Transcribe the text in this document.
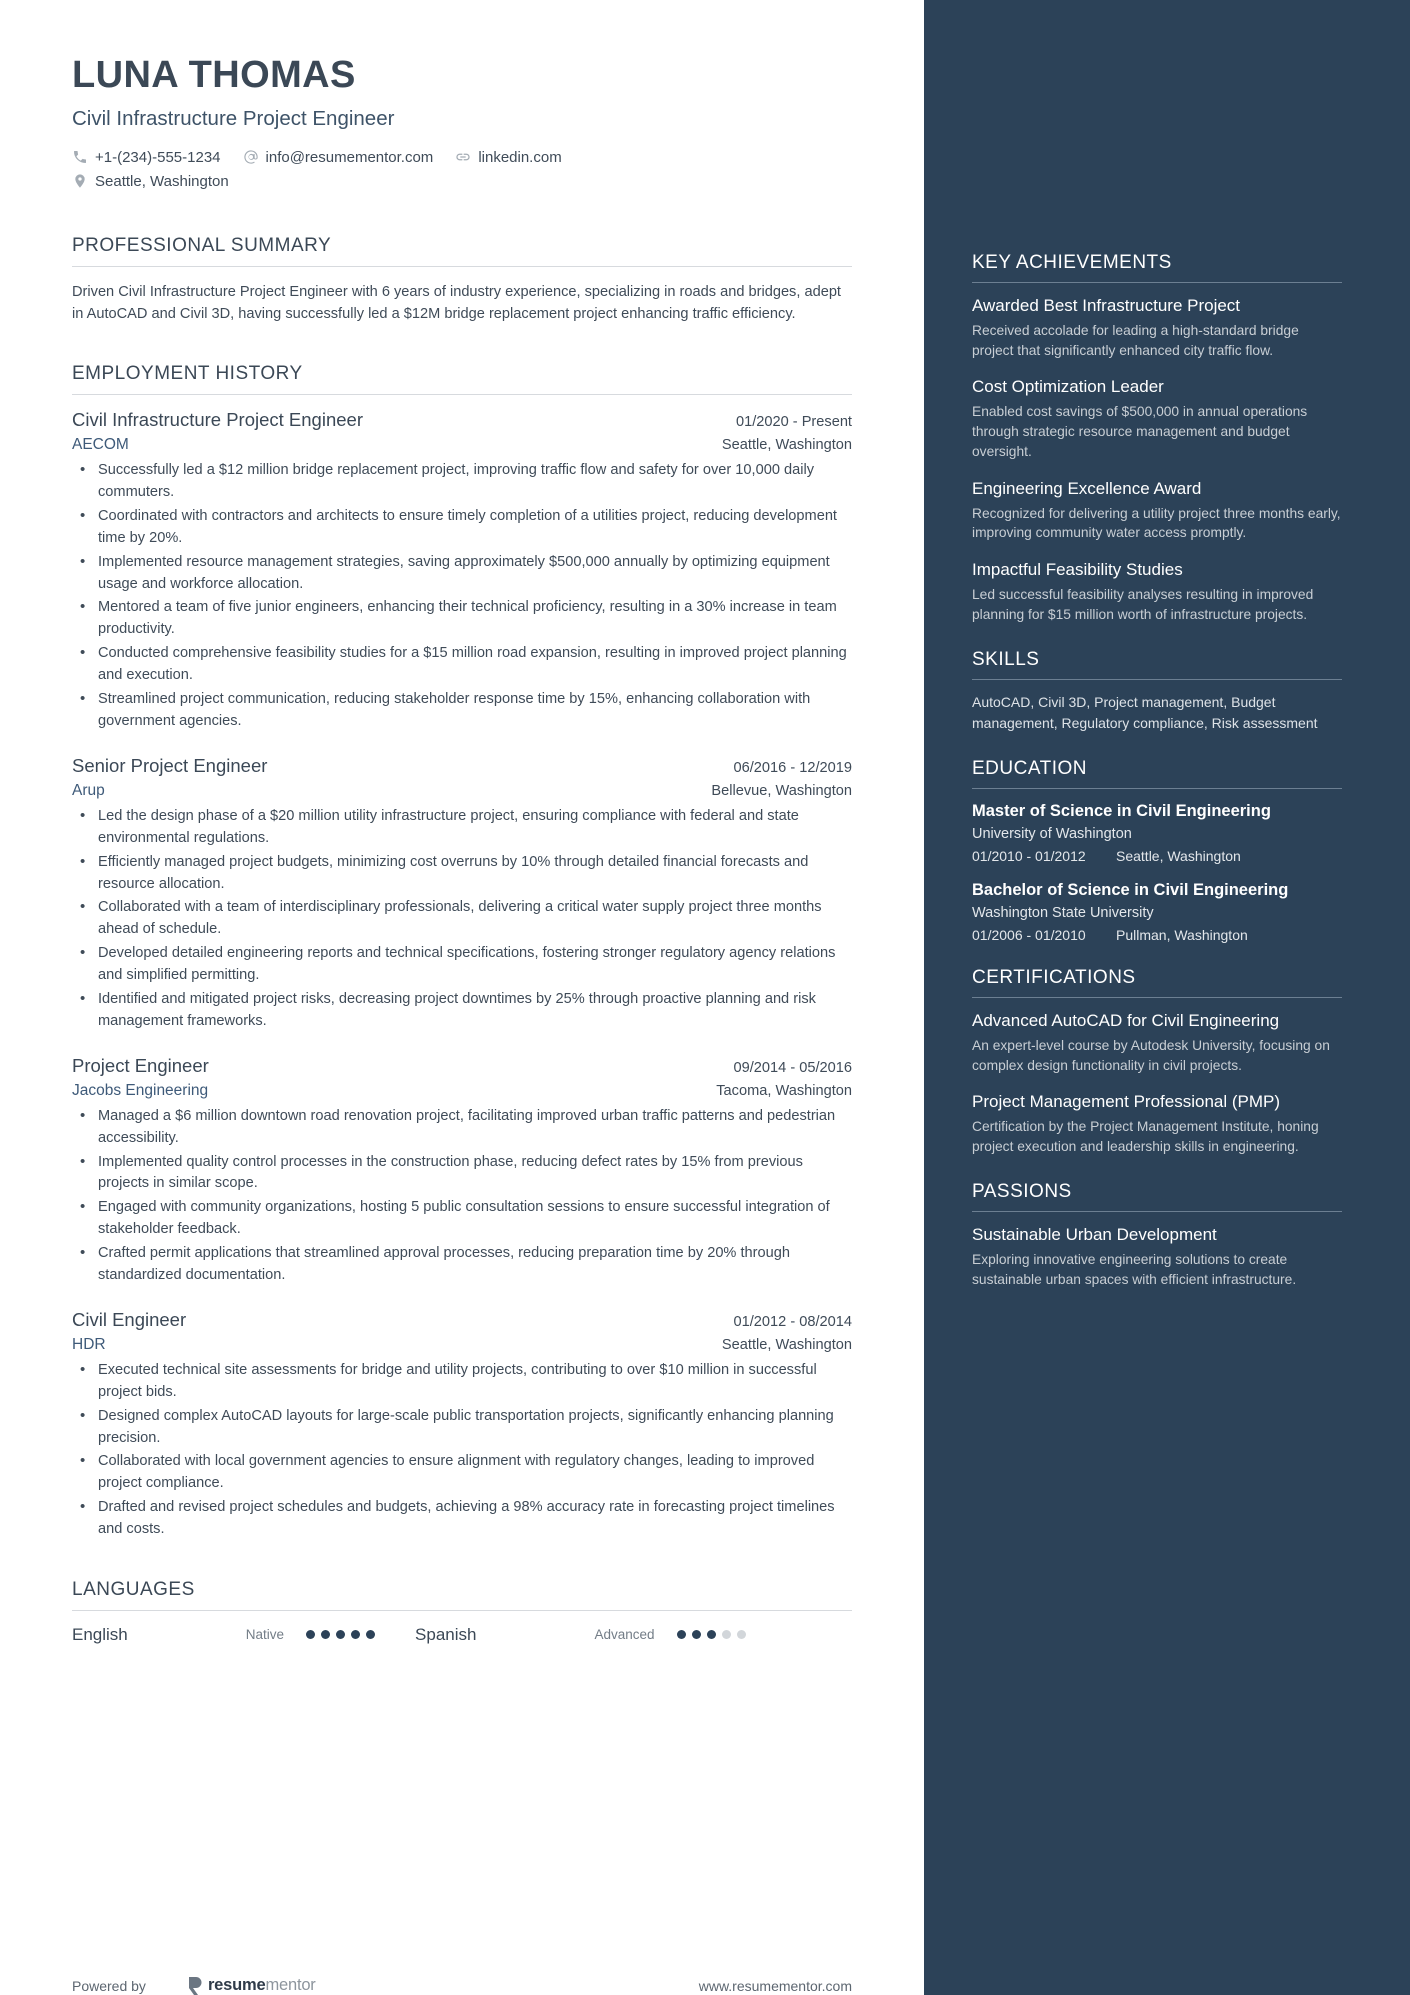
KEY ACHIEVEMENTS
Awarded Best Infrastructure Project
Received accolade for leading a high-standard bridge project that significantly enhanced city traffic flow.
Cost Optimization Leader
Enabled cost savings of $500,000 in annual operations through strategic resource management and budget oversight.
Engineering Excellence Award
Recognized for delivering a utility project three months early, improving community water access promptly.
Impactful Feasibility Studies
Led successful feasibility analyses resulting in improved planning for $15 million worth of infrastructure projects.
SKILLS
AutoCAD, Civil 3D, Project management, Budget management, Regulatory compliance, Risk assessment
EDUCATION
Master of Science in Civil Engineering
University of Washington
01/2010 - 01/2012	Seattle, Washington
Bachelor of Science in Civil Engineering
Washington State University
01/2006 - 01/2010	Pullman, Washington
CERTIFICATIONS
Advanced AutoCAD for Civil Engineering
An expert-level course by Autodesk University, focusing on complex design functionality in civil projects.
Project Management Professional (PMP)
Certification by the Project Management Institute, honing project execution and leadership skills in engineering.
PASSIONS
Sustainable Urban Development
Exploring innovative engineering solutions to create sustainable urban spaces with efficient infrastructure.
LUNA THOMAS
Civil Infrastructure Project Engineer
+1-(234)-555-1234	info@resumementor.com	linkedin.com
Seattle, Washington
PROFESSIONAL SUMMARY
Driven Civil Infrastructure Project Engineer with 6 years of industry experience, specializing in roads and bridges, adept in AutoCAD and Civil 3D, having successfully led a $12M bridge replacement project enhancing traffic efficiency.
EMPLOYMENT HISTORY
Civil Infrastructure Project Engineer	01/2020 - Present
AECOM	Seattle, Washington
• Successfully led a $12 million bridge replacement project, improving traffic flow and safety for over 10,000 daily commuters.
• Coordinated with contractors and architects to ensure timely completion of a utilities project, reducing development time by 20%.
• Implemented resource management strategies, saving approximately $500,000 annually by optimizing equipment usage and workforce allocation.
• Mentored a team of five junior engineers, enhancing their technical proficiency, resulting in a 30% increase in team productivity.
• Conducted comprehensive feasibility studies for a $15 million road expansion, resulting in improved project planning and execution.
• Streamlined project communication, reducing stakeholder response time by 15%, enhancing collaboration with government agencies.
Senior Project Engineer	06/2016 - 12/2019
Arup	Bellevue, Washington
• Led the design phase of a $20 million utility infrastructure project, ensuring compliance with federal and state environmental regulations.
• Efficiently managed project budgets, minimizing cost overruns by 10% through detailed financial forecasts and resource allocation.
• Collaborated with a team of interdisciplinary professionals, delivering a critical water supply project three months ahead of schedule.
• Developed detailed engineering reports and technical specifications, fostering stronger regulatory agency relations and simplified permitting.
• Identified and mitigated project risks, decreasing project downtimes by 25% through proactive planning and risk management frameworks.
Project Engineer	09/2014 - 05/2016
Jacobs Engineering	Tacoma, Washington
• Managed a $6 million downtown road renovation project, facilitating improved urban traffic patterns and pedestrian accessibility.
• Implemented quality control processes in the construction phase, reducing defect rates by 15% from previous projects in similar scope.
• Engaged with community organizations, hosting 5 public consultation sessions to ensure successful integration of stakeholder feedback.
• Crafted permit applications that streamlined approval processes, reducing preparation time by 20% through standardized documentation.
Civil Engineer	01/2012 - 08/2014
HDR	Seattle, Washington
• Executed technical site assessments for bridge and utility projects, contributing to over $10 million in successful project bids.
• Designed complex AutoCAD layouts for large-scale public transportation projects, significantly enhancing planning precision.
• Collaborated with local government agencies to ensure alignment with regulatory changes, leading to improved project compliance.
• Drafted and revised project schedules and budgets, achieving a 98% accuracy rate in forecasting project timelines and costs.
LANGUAGES
English	Native	Spanish	Advanced
Powered by	resumementor	www.resumementor.com
